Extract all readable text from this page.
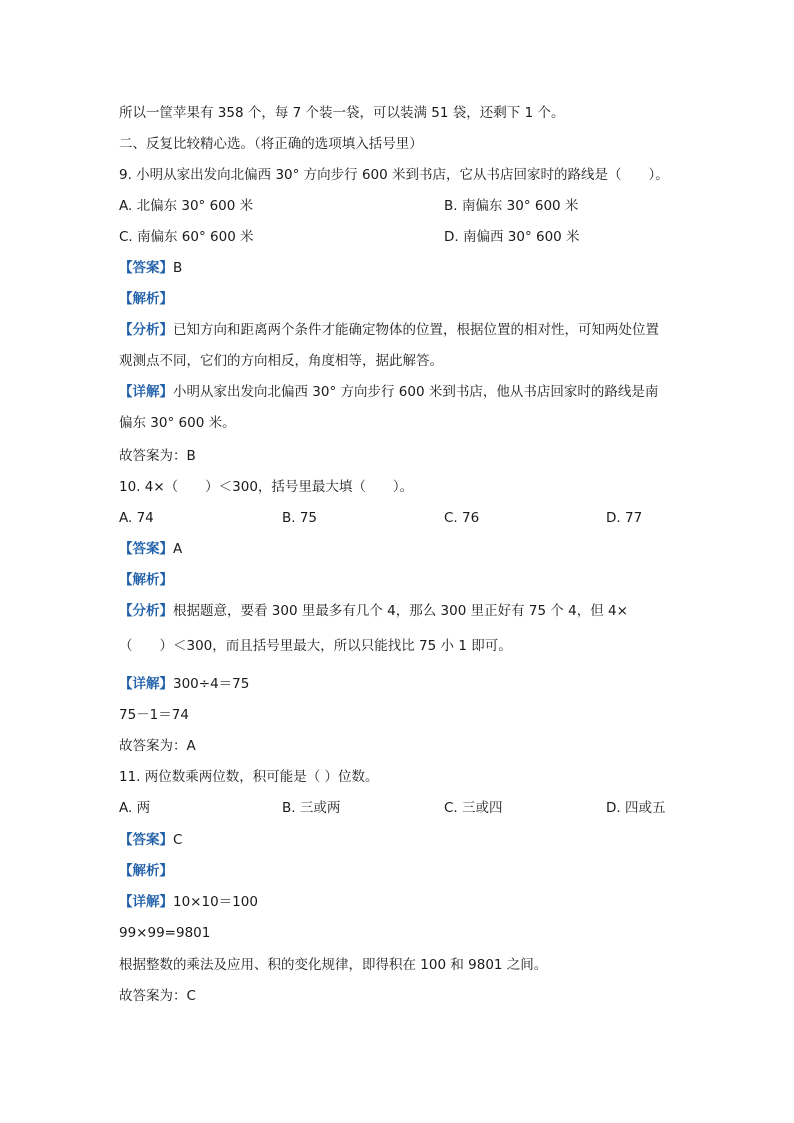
所以一筐苹果有 358 个，每 7 个装一袋，可以装满 51 袋，还剩下 1 个。
二、反复比较精心选。（将正确的选项填入括号里）
9. 小明从家出发向北偏西 30° 方向步行 600 米到书店，它从书店回家时的路线是（　　）。
A. 北偏东 30° 600 米	B. 南偏东 30° 600 米
C. 南偏东 60° 600 米	D. 南偏西 30° 600 米
【答案】B
【解析】
【分析】已知方向和距离两个条件才能确定物体的位置，根据位置的相对性，可知两处位置
观测点不同，它们的方向相反，角度相等，据此解答。
【详解】小明从家出发向北偏西 30° 方向步行 600 米到书店，他从书店回家时的路线是南
偏东 30° 600 米。
故答案为：B
10. 4×（　　）＜300，括号里最大填（　　）。
A. 74	B. 75	C. 76	D. 77
【答案】A
【解析】
【分析】根据题意，要看 300 里最多有几个 4，那么 300 里正好有 75 个 4，但 4×
（　　）＜300，而且括号里最大，所以只能找比 75 小 1 即可。
【详解】300÷4＝75
75－1＝74
故答案为：A
11. 两位数乘两位数，积可能是（ ）位数。
A. 两	B. 三或两	C. 三或四	D. 四或五
【答案】C
【解析】
【详解】10×10＝100
99×99=9801
根据整数的乘法及应用、积的变化规律，即得积在 100 和 9801 之间。
故答案为：C
